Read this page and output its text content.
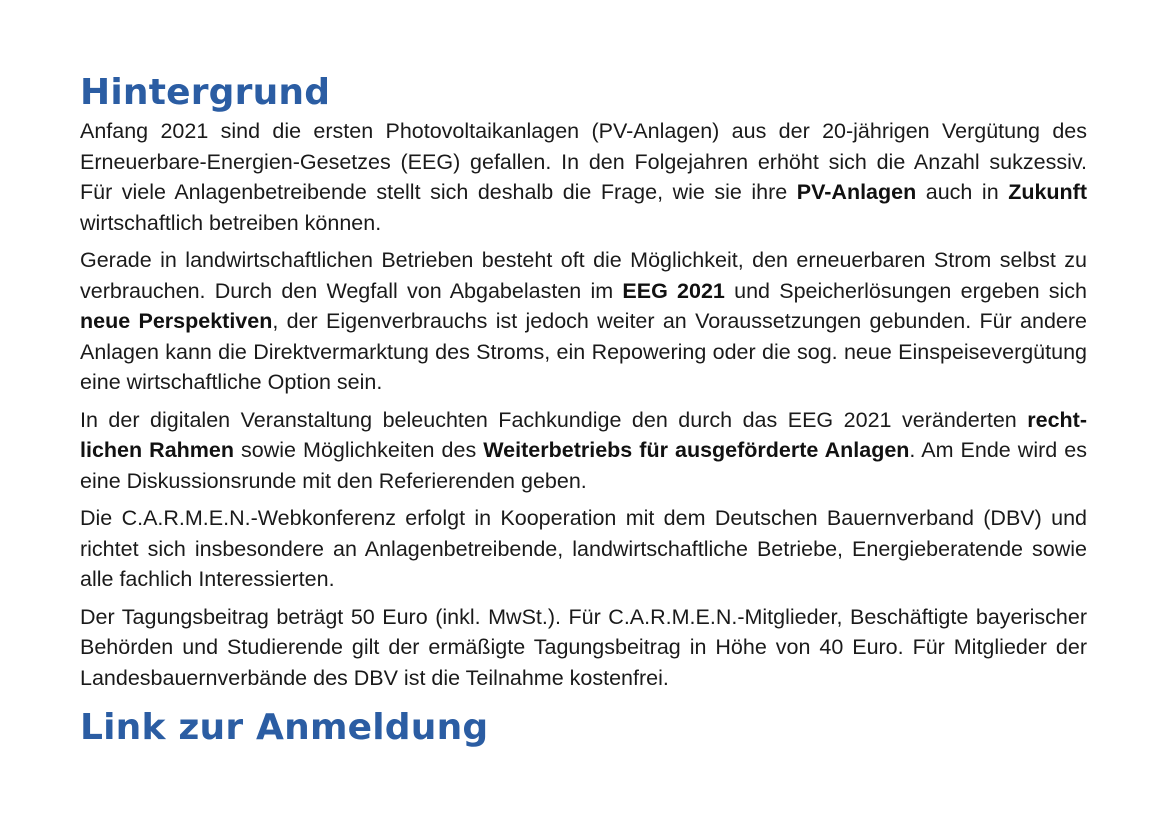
Hintergrund

Anfang 2021 sind die ersten Photovoltaikanlagen (PV-Anlagen) aus der 20-jährigen Vergütung des Erneuerbare-Energien-Gesetzes (EEG) gefallen. In den Folgejahren erhöht sich die Anzahl sukzessiv. Für viele Anlagenbetreibende stellt sich deshalb die Frage, wie sie ihre PV-Anlagen auch in Zukunft wirtschaftlich betreiben können.

Gerade in landwirtschaftlichen Betrieben besteht oft die Möglichkeit, den erneuerbaren Strom selbst zu verbrauchen. Durch den Wegfall von Abgabelasten im EEG 2021 und Speicherlösungen ergeben sich neue Perspektiven, der Eigenverbrauchs ist jedoch weiter an Voraussetzungen gebunden. Für andere Anlagen kann die Direktvermarktung des Stroms, ein Repowering oder die sog. neue Einspeisevergütung eine wirtschaftliche Option sein.

In der digitalen Veranstaltung beleuchten Fachkundige den durch das EEG 2021 veränderten rechtlichen Rahmen sowie Möglichkeiten des Weiterbetriebs für ausgeförderte Anlagen. Am Ende wird es eine Diskussionsrunde mit den Referierenden geben.

Die C.A.R.M.E.N.-Webkonferenz erfolgt in Kooperation mit dem Deutschen Bauernverband (DBV) und richtet sich insbesondere an Anlagenbetreibende, landwirtschaftliche Betriebe, Energieberatende sowie alle fachlich Interessierten.

Der Tagungsbeitrag beträgt 50 Euro (inkl. MwSt.). Für C.A.R.M.E.N.-Mitglieder, Beschäftigte bayerischer Behörden und Studierende gilt der ermäßigte Tagungsbeitrag in Höhe von 40 Euro. Für Mitglieder der Landesbauernverbände des DBV ist die Teilnahme kostenfrei.

Link zur Anmeldung
